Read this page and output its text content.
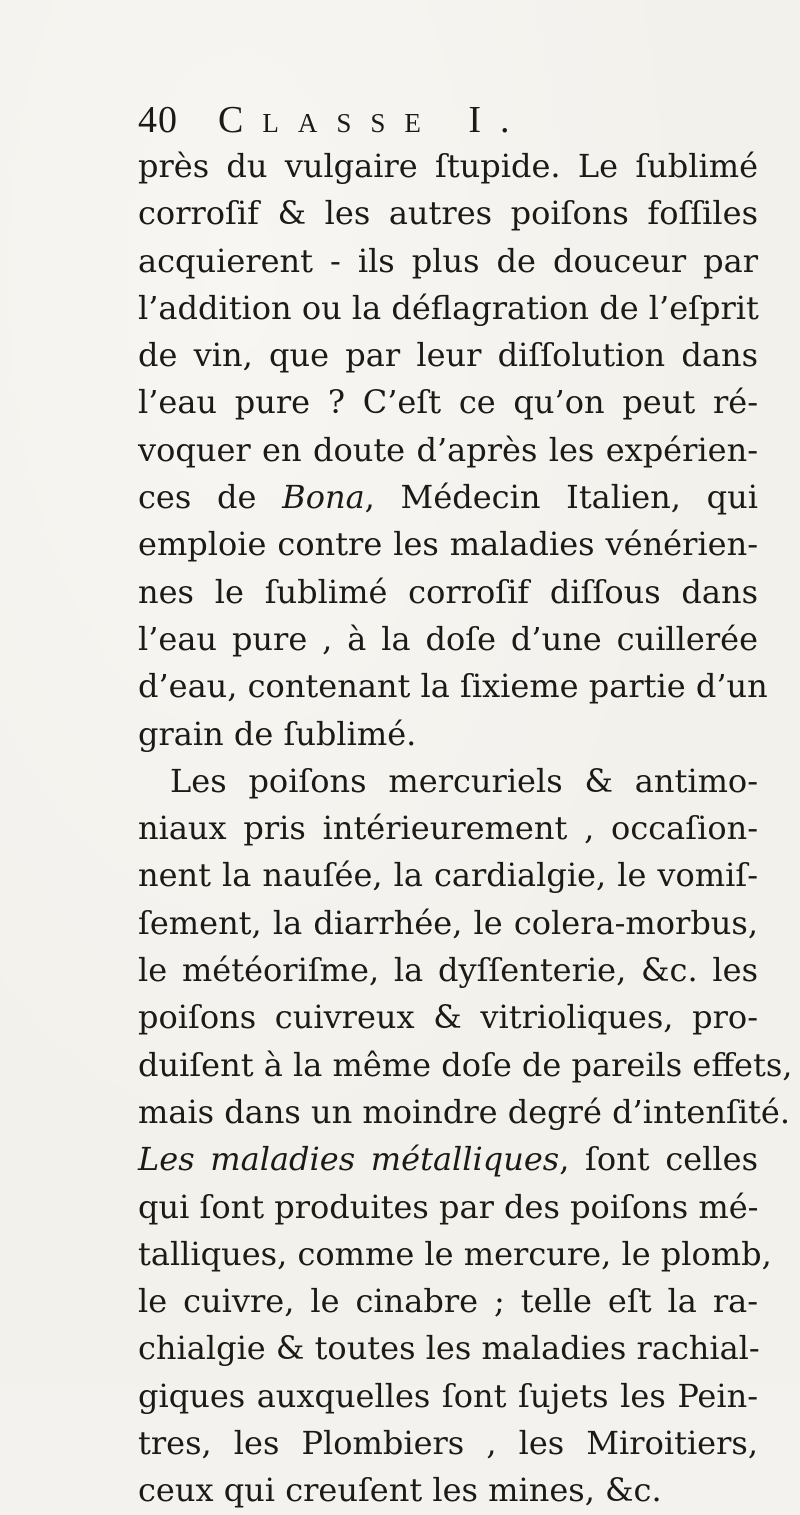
40 Classe I.
près du vulgaire ſtupide. Le ſublimé
corroſif & les autres poiſons foſſiles
acquierent - ils plus de douceur par
l’addition ou la déflagration de l’eſprit
de vin, que par leur diſſolution dans
l’eau pure ? C’eſt ce qu’on peut ré-
voquer en doute d’après les expérien-
ces de Bona, Médecin Italien, qui
emploie contre les maladies vénérien-
nes le ſublimé corroſif diſſous dans
l’eau pure , à la doſe d’une cuillerée
d’eau, contenant la ſixieme partie d’un
grain de ſublimé.
Les poiſons mercuriels & antimo-
niaux pris intérieurement , occaſion-
nent la nauſée, la cardialgie, le vomiſ-
ſement, la diarrhée, le colera-morbus,
le météoriſme, la dyſſenterie, &c. les
poiſons cuivreux & vitrioliques, pro-
duiſent à la même doſe de pareils effets,
mais dans un moindre degré d’intenſité.
Les maladies métalliques, ſont celles
qui ſont produites par des poiſons mé-
talliques, comme le mercure, le plomb,
le cuivre, le cinabre ; telle eſt la ra-
chialgie & toutes les maladies rachial-
giques auxquelles ſont ſujets les Pein-
tres, les Plombiers , les Miroitiers,
ceux qui creuſent les mines, &c.
